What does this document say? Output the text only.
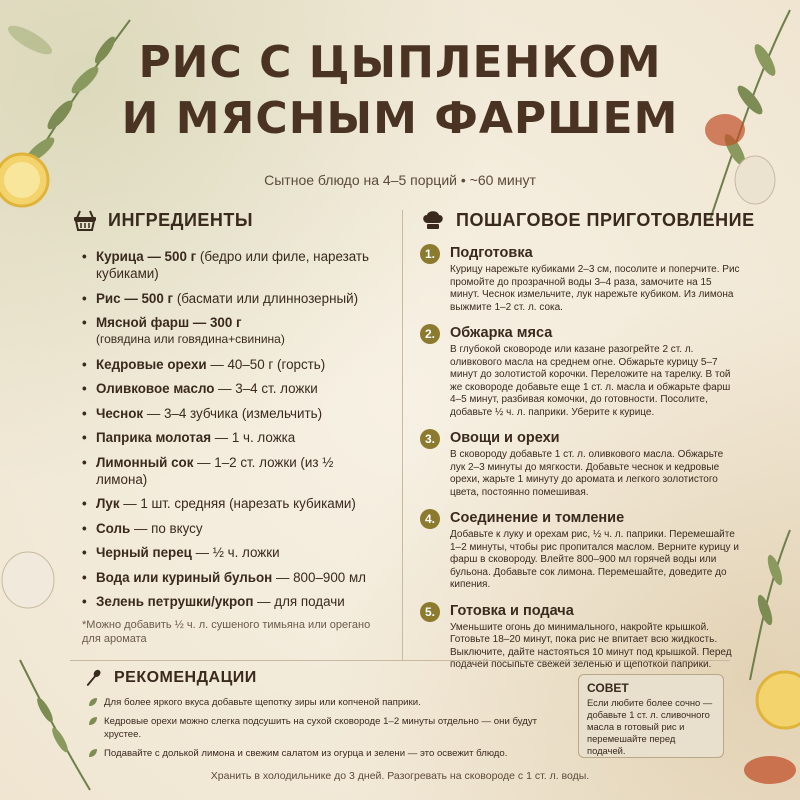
РИС С ЦЫПЛЕНКОМ
И МЯСНЫМ ФАРШЕМ
Сытное блюдо на 4–5 порций • ~60 минут
ИНГРЕДИЕНТЫ
• Курица — 500 г (бедро или филе, нарезать кубиками)
• Рис — 500 г (басмати или длиннозерный)
• Мясной фарш — 300 г
(говядина или говядина+свинина)
• Кедровые орехи — 40–50 г (горсть)
• Оливковое масло — 3–4 ст. ложки
• Чеснок — 3–4 зубчика (измельчить)
• Паприка молотая — 1 ч. ложка
• Лимонный сок — 1–2 ст. ложки (из ½ лимона)
• Лук — 1 шт. средняя (нарезать кубиками)
• Соль — по вкусу
• Черный перец — ½ ч. ложки
• Вода или куриный бульон — 800–900 мл
• Зелень петрушки/укроп — для подачи
*Можно добавить ½ ч. л. сушеного тимьяна или орегано для аромата
ПОШАГОВОЕ ПРИГОТОВЛЕНИЕ
1.	Подготовка
Курицу нарежьте кубиками 2–3 см, посолите и поперчите. Рис промойте до прозрачной воды 3–4 раза, замочите на 15 минут. Чеснок измельчите, лук нарежьте кубиком. Из лимона выжмите 1–2 ст. л. сока.
2.	Обжарка мяса
В глубокой сковороде или казане разогрейте 2 ст. л. оливкового масла на среднем огне. Обжарьте курицу 5–7 минут до золотистой корочки. Переложите на тарелку. В той же сковороде добавьте еще 1 ст. л. масла и обжарьте фарш 4–5 минут, разбивая комочки, до готовности. Посолите, добавьте ½ ч. л. паприки. Уберите к курице.
3.	Овощи и орехи
В сковороду добавьте 1 ст. л. оливкового масла. Обжарьте лук 2–3 минуты до мягкости. Добавьте чеснок и кедровые орехи, жарьте 1 минуту до аромата и легкого золотистого цвета, постоянно помешивая.
4.	Соединение и томление
Добавьте к луку и орехам рис, ½ ч. л. паприки. Перемешайте 1–2 минуты, чтобы рис пропитался маслом. Верните курицу и фарш в сковороду. Влейте 800–900 мл горячей воды или бульона. Добавьте сок лимона. Перемешайте, доведите до кипения.
5.	Готовка и подача
Уменьшите огонь до минимального, накройте крышкой. Готовьте 18–20 минут, пока рис не впитает всю жидкость. Выключите, дайте настояться 10 минут под крышкой. Перед подачей посыпьте свежей зеленью и щепоткой паприки.
РЕКОМЕНДАЦИИ
Для более яркого вкуса добавьте щепотку зиры или копченой паприки.
Кедровые орехи можно слегка подсушить на сухой сковороде 1–2 минуты отдельно — они будут хрустее.
Подавайте с долькой лимона и свежим салатом из огурца и зелени — это освежит блюдо.
СОВЕТ
Если любите более сочно — добавьте 1 ст. л. сливочного масла в готовый рис и перемешайте перед подачей.
Хранить в холодильнике до 3 дней. Разогревать на сковороде с 1 ст. л. воды.
